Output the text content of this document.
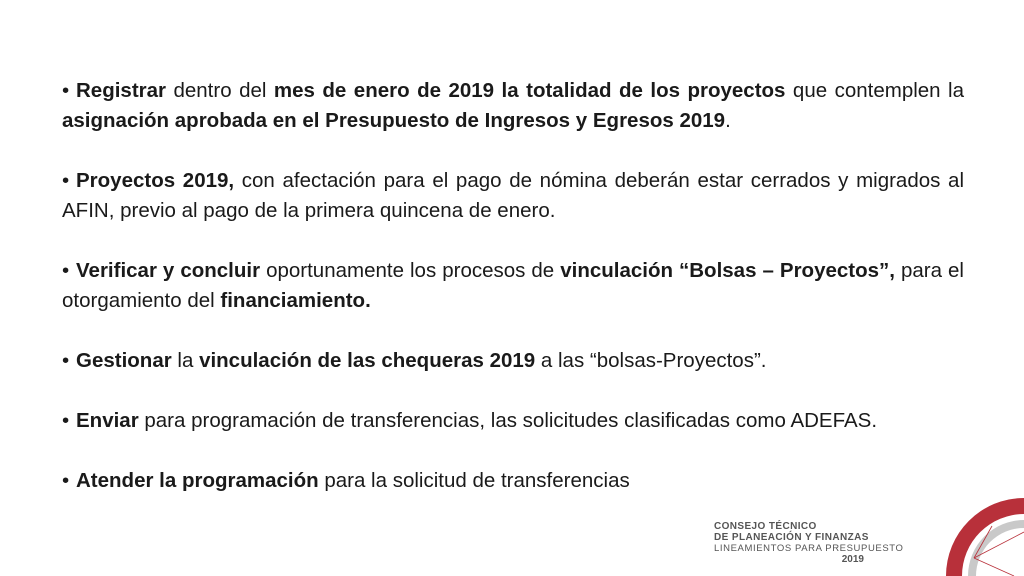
• Registrar dentro del mes de enero de 2019 la totalidad de los proyectos que contemplen la asignación aprobada en el Presupuesto de Ingresos y Egresos 2019.

• Proyectos 2019, con afectación para el pago de nómina deberán estar cerrados y migrados al AFIN, previo al pago de la primera quincena de enero.

• Verificar y concluir oportunamente los procesos de vinculación “Bolsas – Proyectos”, para el otorgamiento del financiamiento.

• Gestionar la vinculación de las chequeras 2019 a las “bolsas-Proyectos”.

• Enviar para programación de transferencias, las solicitudes clasificadas como ADEFAS.

• Atender la programación para la solicitud de transferencias

CONSEJO TÉCNICO
DE PLANEACIÓN Y FINANZAS
LINEAMIENTOS PARA PRESUPUESTO
2019
